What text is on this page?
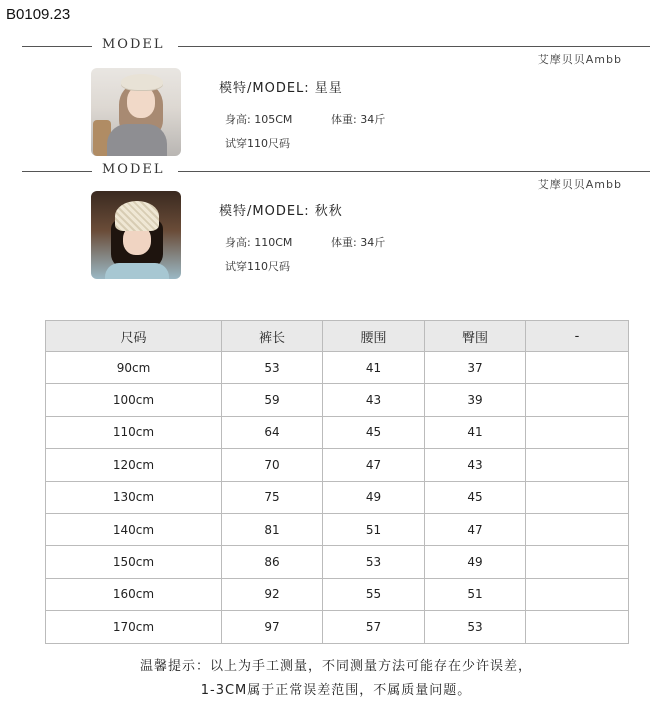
B0109.23
MODEL
艾摩贝贝Ambb
模特/MODEL: 星星
身高: 105CM	体重: 34斤
试穿110尺码
MODEL
艾摩贝贝Ambb
模特/MODEL: 秋秋
身高: 110CM	体重: 34斤
试穿110尺码
尺码	裤长	腰围	臀围	-
90cm	53	41	37	
100cm	59	43	39	
110cm	64	45	41	
120cm	70	47	43	
130cm	75	49	45	
140cm	81	51	47	
150cm	86	53	49	
160cm	92	55	51	
170cm	97	57	53	
温馨提示：以上为手工测量，不同测量方法可能存在少许误差，
1-3CM属于正常误差范围，不属质量问题。
